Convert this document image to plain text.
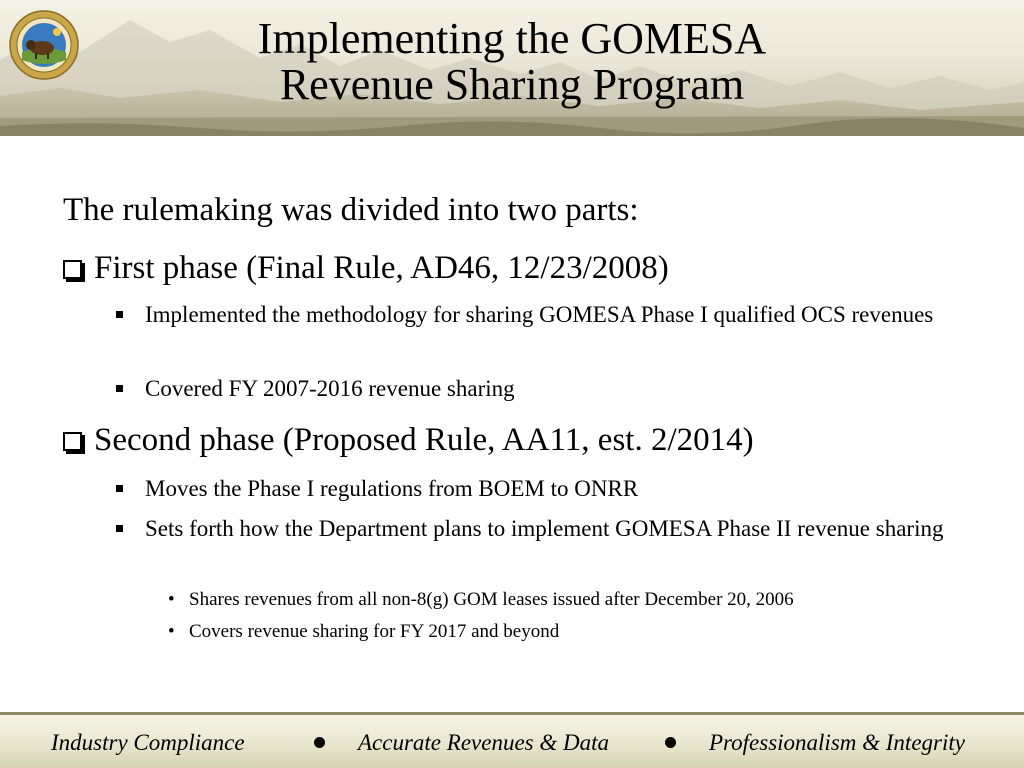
Implementing the GOMESA
Revenue Sharing Program
The rulemaking was divided into two parts:
First phase (Final Rule, AD46, 12/23/2008)
Implemented the methodology for sharing GOMESA Phase I qualified OCS revenues
Covered FY 2007-2016 revenue sharing
Second phase (Proposed Rule, AA11, est. 2/2014)
Moves the Phase I regulations from BOEM to ONRR
Sets forth how the Department plans to implement GOMESA Phase II revenue sharing
• Shares revenues from all non-8(g) GOM leases issued after December 20, 2006
• Covers revenue sharing for FY 2017 and beyond
Industry Compliance	Accurate Revenues & Data	Professionalism & Integrity
